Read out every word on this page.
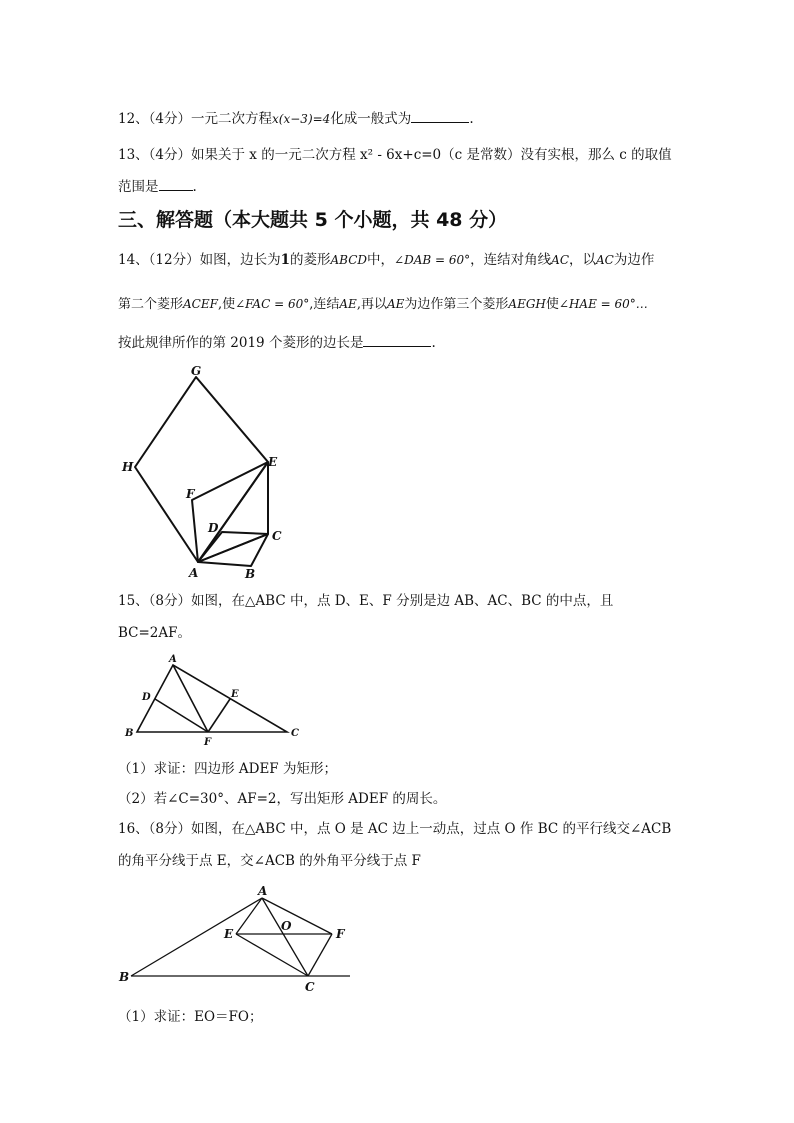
12、（4分）一元二次方程x(x−3)=4化成一般式为	.
13、（4分）如果关于 x 的一元二次方程 x² - 6x+c=0（c 是常数）没有实根，那么 c 的取值
范围是	.
三、解答题（本大题共 5 个小题，共 48 分）
14、（12分）如图，边长为1的菱形ABCD中，∠DAB = 60°，连结对角线AC，以AC为边作
第二个菱形ACEF,使∠FAC = 60°,连结AE,再以AE为边作第三个菱形AEGH使∠HAE = 60°…
按此规律所作的第 2019 个菱形的边长是	.
G
E
H
F
D
C
A	B
15、（8分）如图，在△ABC 中，点 D、E、F 分别是边 AB、AC、BC 的中点，且
BC=2AF。
A
D	E
B
F
C
（1）求证：四边形 ADEF 为矩形；
（2）若∠C=30°、AF=2，写出矩形 ADEF 的周长。
16、（8分）如图，在△ABC 中，点 O 是 AC 边上一动点，过点 O 作 BC 的平行线交∠ACB
的角平分线于点 E，交∠ACB 的外角平分线于点 F
A
E
O
F
B
C
（1）求证：EO＝FO；
